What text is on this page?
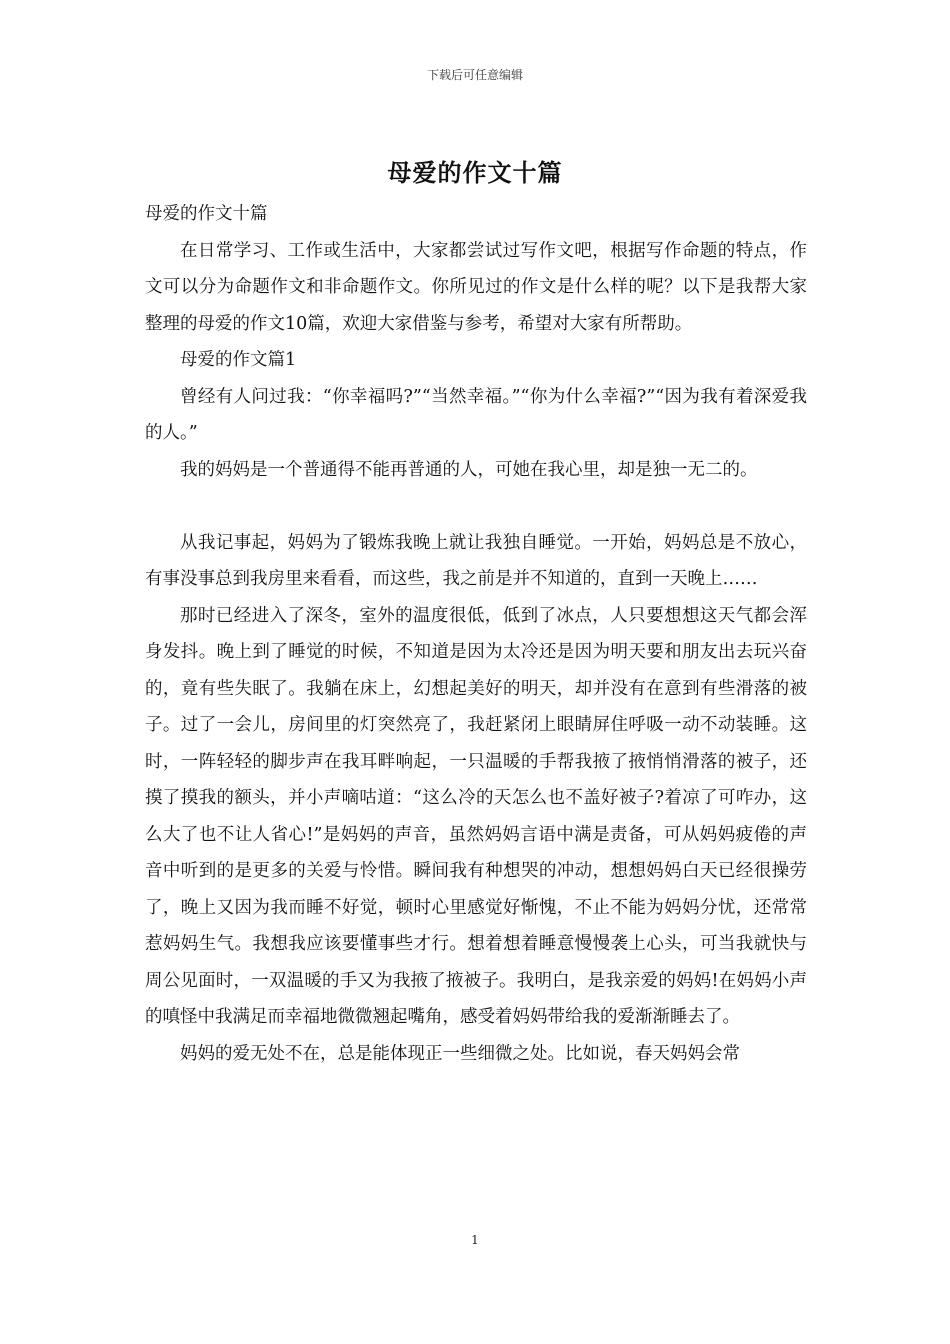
下载后可任意编辑
母爱的作文十篇

母爱的作文十篇

在日常学习、工作或生活中，大家都尝试过写作文吧，根据写作命题的特点，作文可以分为命题作文和非命题作文。你所见过的作文是什么样的呢？以下是我帮大家整理的母爱的作文10篇，欢迎大家借鉴与参考，希望对大家有所帮助。

母爱的作文篇1

曾经有人问过我：“你幸福吗?”“当然幸福。”“你为什么幸福?”“因为我有着深爱我的人。”

我的妈妈是一个普通得不能再普通的人，可她在我心里，却是独一无二的。

从我记事起，妈妈为了锻炼我晚上就让我独自睡觉。一开始，妈妈总是不放心，有事没事总到我房里来看看，而这些，我之前是并不知道的，直到一天晚上……

那时已经进入了深冬，室外的温度很低，低到了冰点，人只要想想这天气都会浑身发抖。晚上到了睡觉的时候，不知道是因为太冷还是因为明天要和朋友出去玩兴奋的，竟有些失眠了。我躺在床上，幻想起美好的明天，却并没有在意到有些滑落的被子。过了一会儿，房间里的灯突然亮了，我赶紧闭上眼睛屏住呼吸一动不动装睡。这时，一阵轻轻的脚步声在我耳畔响起，一只温暖的手帮我掖了掖悄悄滑落的被子，还摸了摸我的额头，并小声嘀咕道：“这么冷的天怎么也不盖好被子?着凉了可咋办，这么大了也不让人省心!”是妈妈的声音，虽然妈妈言语中满是责备，可从妈妈疲倦的声音中听到的是更多的关爱与怜惜。瞬间我有种想哭的冲动，想想妈妈白天已经很操劳了，晚上又因为我而睡不好觉，顿时心里感觉好惭愧，不止不能为妈妈分忧，还常常惹妈妈生气。我想我应该要懂事些才行。想着想着睡意慢慢袭上心头，可当我就快与周公见面时，一双温暖的手又为我掖了掖被子。我明白，是我亲爱的妈妈!在妈妈小声的嗔怪中我满足而幸福地微微翘起嘴角，感受着妈妈带给我的爱渐渐睡去了。

妈妈的爱无处不在，总是能体现正一些细微之处。比如说，春天妈妈会常

1
